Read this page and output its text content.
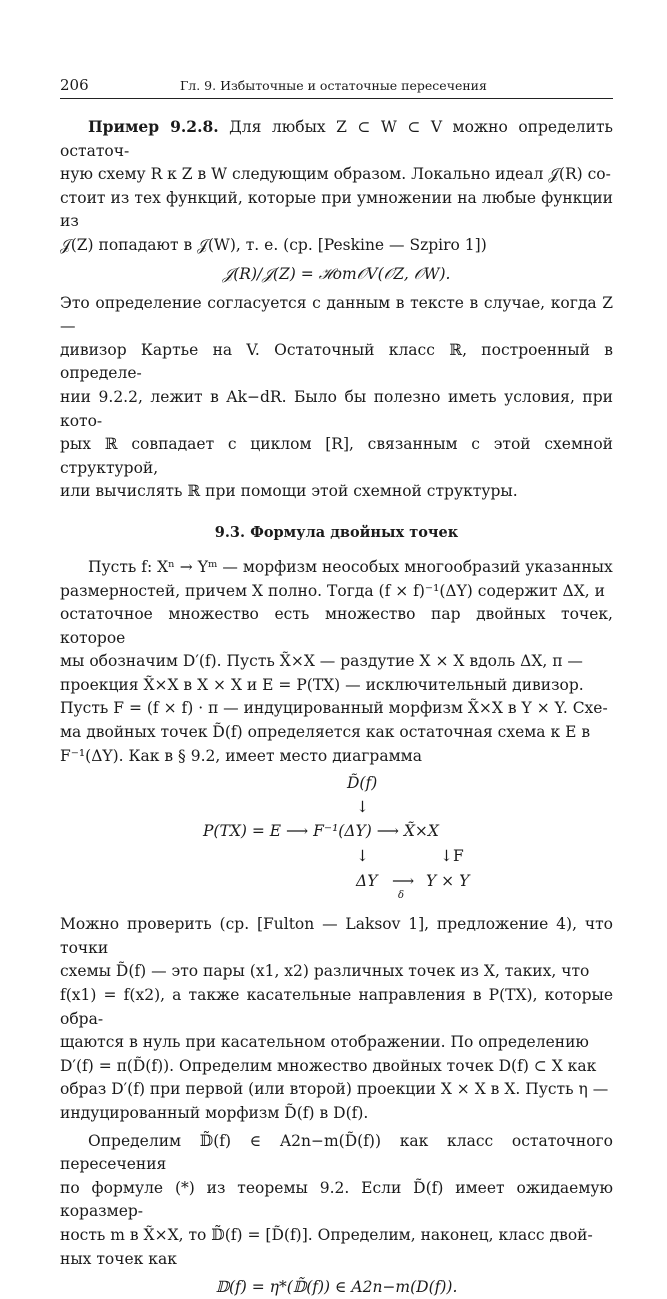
206	Гл. 9. Избыточные и остаточные пересечения

Пример 9.2.8. Для любых Z ⊂ W ⊂ V можно определить остаточ-

ную схему R к Z в W следующим образом. Локально идеал 𝒥(R) со-

стоит из тех функций, которые при умножении на любые функции из

𝒥(Z) попадают в 𝒥(W), т. е. (ср. [Peskine — Szpiro 1])

𝒥(R)/𝒥(Z) = ℋom𝒪V(𝒪Z, 𝒪W).

Это определение согласуется с данным в тексте в случае, когда Z —

дивизор Картье на V. Остаточный класс ℝ, построенный в определе-

нии 9.2.2, лежит в Ak−dR. Было бы полезно иметь условия, при кото-

рых ℝ совпадает с циклом [R], связанным с этой схемной структурой,

или вычислять ℝ при помощи этой схемной структуры.

9.3. Формула двойных точек

Пусть f: Xⁿ → Yᵐ — морфизм неособых многообразий указанных

размерностей, причем X полно. Тогда (f × f)⁻¹(ΔY) содержит ΔX, и

остаточное множество есть множество пар двойных точек, которое

мы обозначим D′(f). Пусть X̃×X — раздутие X × X вдоль ΔX, π —

проекция X̃×X в X × X и E = P(TX) — исключительный дивизор.

Пусть F = (f × f) · π — индуцированный морфизм X̃×X в Y × Y. Схе-

ма двойных точек D̃(f) определяется как остаточная схема к E в

F⁻¹(ΔY). Как в § 9.2, имеет место диаграмма

D̃(f)
↓
P(TX) = E ⟶ F⁻¹(ΔY) ⟶ X̃×X
↓	↓F
ΔY ⟶
δ
Y × Y

Можно проверить (ср. [Fulton — Laksov 1], предложение 4), что точки

схемы D̃(f) — это пары (x1, x2) различных точек из X, таких, что

f(x1) = f(x2), а также касательные направления в P(TX), которые обра-

щаются в нуль при касательном отображении. По определению

D′(f) = π(D̃(f)). Определим множество двойных точек D(f) ⊂ X как

образ D′(f) при первой (или второй) проекции X × X в X. Пусть η —

индуцированный морфизм D̃(f) в D(f).

Определим 𝔻̃(f) ∈ A2n−m(D̃(f)) как класс остаточного пересечения

по формуле (*) из теоремы 9.2. Если D̃(f) имеет ожидаемую коразмер-

ность m в X̃×X, то 𝔻̃(f) = [D̃(f)]. Определим, наконец, класс двой-

ных точек как

𝔻(f) = η*(𝔻̃(f)) ∈ A2n−m(D(f)).
